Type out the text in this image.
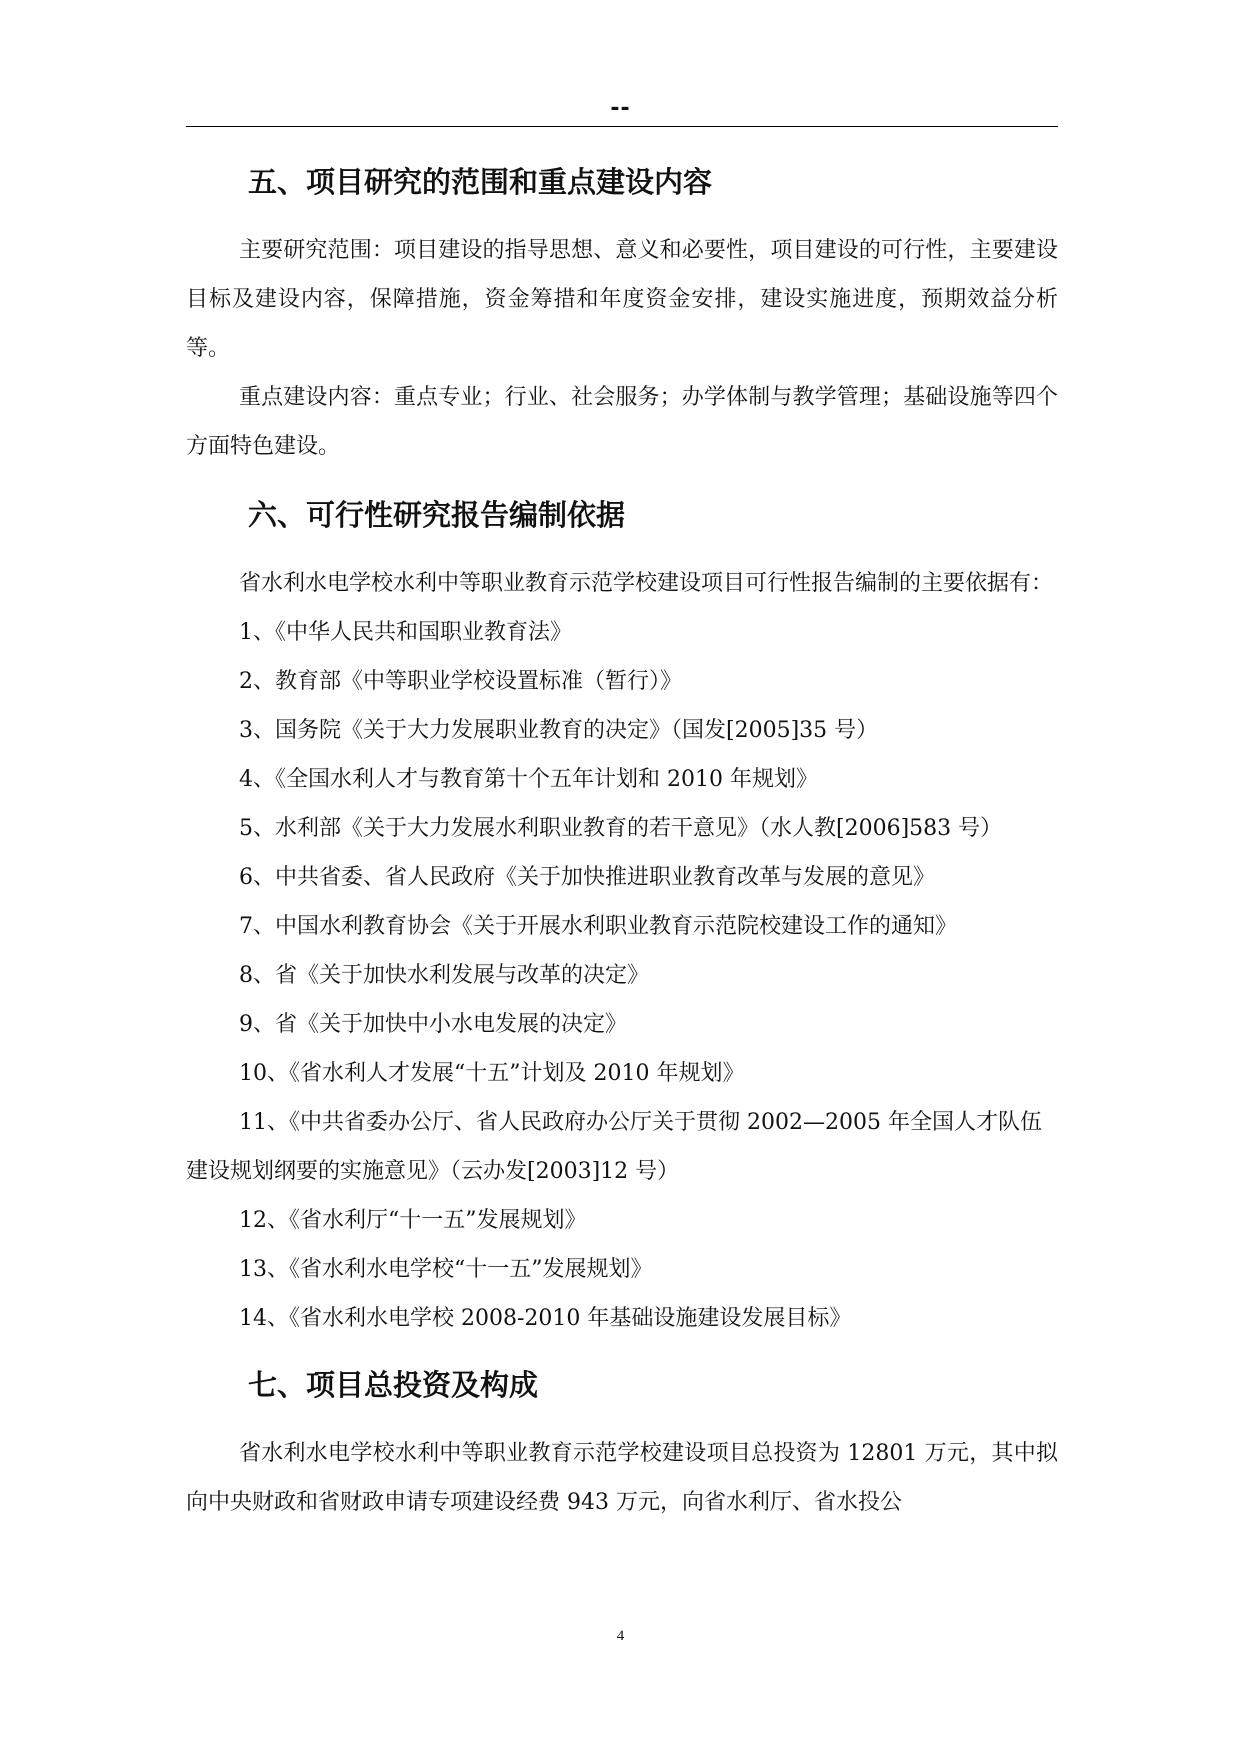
--
五、项目研究的范围和重点建设内容

主要研究范围：项目建设的指导思想、意义和必要性，项目建设的可行性，主要建设目标及建设内容，保障措施，资金筹措和年度资金安排，建设实施进度，预期效益分析等。

重点建设内容：重点专业；行业、社会服务；办学体制与教学管理；基础设施等四个方面特色建设。

六、可行性研究报告编制依据

省水利水电学校水利中等职业教育示范学校建设项目可行性报告编制的主要依据有：

1、《中华人民共和国职业教育法》

2、教育部《中等职业学校设置标准（暂行）》

3、国务院《关于大力发展职业教育的决定》（国发[2005]35 号）

4、《全国水利人才与教育第十个五年计划和 2010 年规划》

5、水利部《关于大力发展水利职业教育的若干意见》（水人教[2006]583 号）

6、中共省委、省人民政府《关于加快推进职业教育改革与发展的意见》

7、中国水利教育协会《关于开展水利职业教育示范院校建设工作的通知》

8、省《关于加快水利发展与改革的决定》

9、省《关于加快中小水电发展的决定》

10、《省水利人才发展“十五”计划及 2010 年规划》

11、《中共省委办公厅、省人民政府办公厅关于贯彻 2002—2005 年全国人才队伍建设规划纲要的实施意见》（云办发[2003]12 号）

12、《省水利厅“十一五”发展规划》

13、《省水利水电学校“十一五”发展规划》

14、《省水利水电学校 2008-2010 年基础设施建设发展目标》

七、项目总投资及构成

省水利水电学校水利中等职业教育示范学校建设项目总投资为 12801 万元，其中拟向中央财政和省财政申请专项建设经费 943 万元，向省水利厅、省水投公

4
